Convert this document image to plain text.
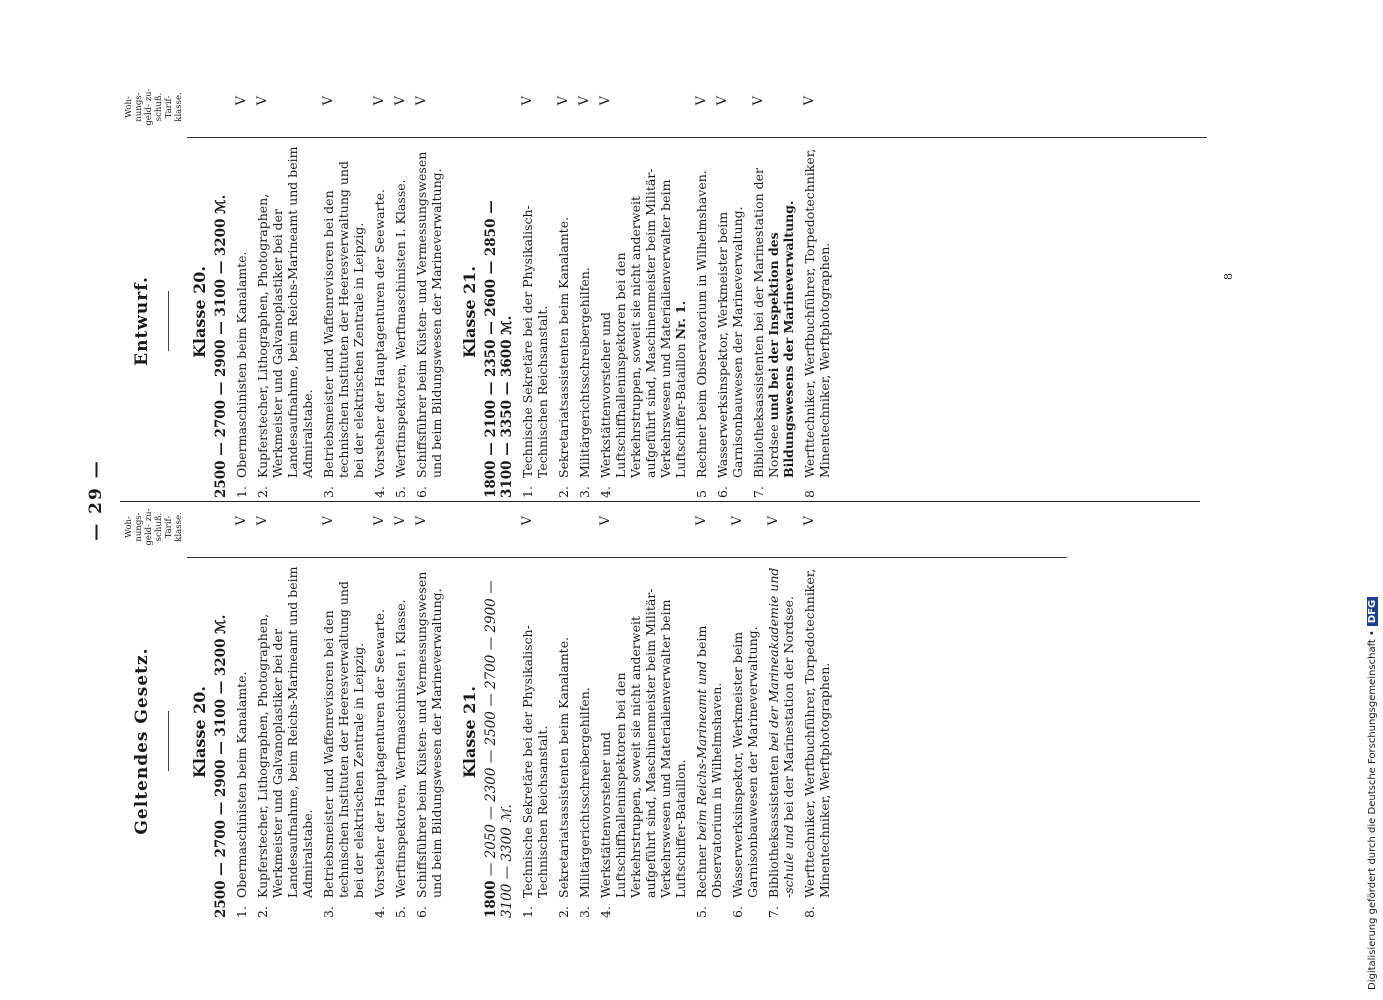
— 29 —
Geltendes Gesetz.
Woh- nungs- geld- zu- schuß. Tarif- klasse.
Klasse 20. 2500 — 2700 — 2900 — 3100 — 3200 ℳ. 1.
Obermaschinisten beim Kanalamte.
V
2.
Kupferstecher, Lithographen, Photographen, Werkmeister und Galvanoplastiker bei der Landesaufnahme, beim Reichs-Marineamt und beim Admiralstabe.
V
3.
Betriebsmeister und Waffenrevisoren bei den technischen Instituten der Heeresverwaltung und bei der elektrischen Zentrale in Leipzig.
V
4.
Vorsteher der Hauptagenturen der Seewarte.
V
5.
Werftinspektoren, Werftmaschinisten I. Klasse.
V
6.
Schiffsführer beim Küsten- und Vermessungswesen und beim Bildungswesen der Marineverwaltung.
V
Klasse 21.
1800 — 2050 — 2300 — 2500 — 2700 — 2900 — 3100 — 3300 ℳ. 1.
Technische Sekretäre bei der Physikalisch-Technischen Reichsanstalt.
V
2.
Sekretariatsassistenten beim Kanalamte.
3.
Militärgerichtsschreibergehilfen.
4.
Werkstättenvorsteher und Luftschiffhalleninspektoren bei den Verkehrstruppen, soweit sie nicht anderweit aufgeführt sind, Maschinenmeister beim Militär-Verkehrswesen und Materialienverwalter beim Luftschiffer-Bataillon.
V
5.
Rechner beim Reichs-Marineamt und beim Observatorium in Wilhelmshaven.
V
6.
Wasserwerksinspektor, Werkmeister beim Garnisonbauwesen der Marineverwaltung.
V
7.
Bibliotheksassistenten bei der Marineakademie und -schule und bei der Marinestation der Nordsee.
V
8.
Werfttechniker, Werftbuchführer, Torpedotechniker, Minentechniker, Werftphotographen.
V
Entwurf.
Woh- nungs- geld- zu- schuß. Tarif- klasse.
Klasse 20. 2500 — 2700 — 2900 — 3100 — 3200 ℳ. 1.
Obermaschinisten beim Kanalamte.
V
2.
Kupferstecher, Lithographen, Photographen, Werkmeister und Galvanoplastiker bei der Landesaufnahme, beim Reichs-Marineamt und beim Admiralstabe.
V
3.
Betriebsmeister und Waffenrevisoren bei den technischen Instituten der Heeresverwaltung und bei der elektrischen Zentrale in Leipzig.
V
4.
Vorsteher der Hauptagenturen der Seewarte.
V
5.
Werftinspektoren, Werftmaschinisten I. Klasse.
V
6.
Schiffsführer beim Küsten- und Vermessungswesen und beim Bildungswesen der Marineverwaltung.
V
Klasse 21. 1800 — 2100 — 2350 — 2600 — 2850 —
3100 — 3350 — 3600 ℳ. 1.
Technische Sekretäre bei der Physikalisch-Technischen Reichsanstalt.
V
2.
Sekretariatsassistenten beim Kanalamte.
V
3.
Militärgerichtsschreibergehilfen.
V
4.
Werkstättenvorsteher und Luftschiffhalleninspektoren bei den Verkehrstruppen, soweit sie nicht anderweit aufgeführt sind, Maschinenmeister beim Militär-Verkehrswesen und Materialienverwalter beim Luftschiffer-Bataillon Nr. 1.
V
5
Rechner beim Observatorium in Wilhelmshaven.
V
6.
Wasserwerksinspektor, Werkmeister beim Garnisonbauwesen der Marineverwaltung.
V
7.
Bibliotheksassistenten bei der Marinestation der Nordsee und bei der Inspektion des Bildungswesens der Marineverwaltung.
V
8
Werfttechniker, Werftbuchführer, Torpedotechniker, Minentechniker, Werftphotographen.
V
8
Digitalisierung gefördert durch die Deutsche Forschungsgemeinschaft •DFG
